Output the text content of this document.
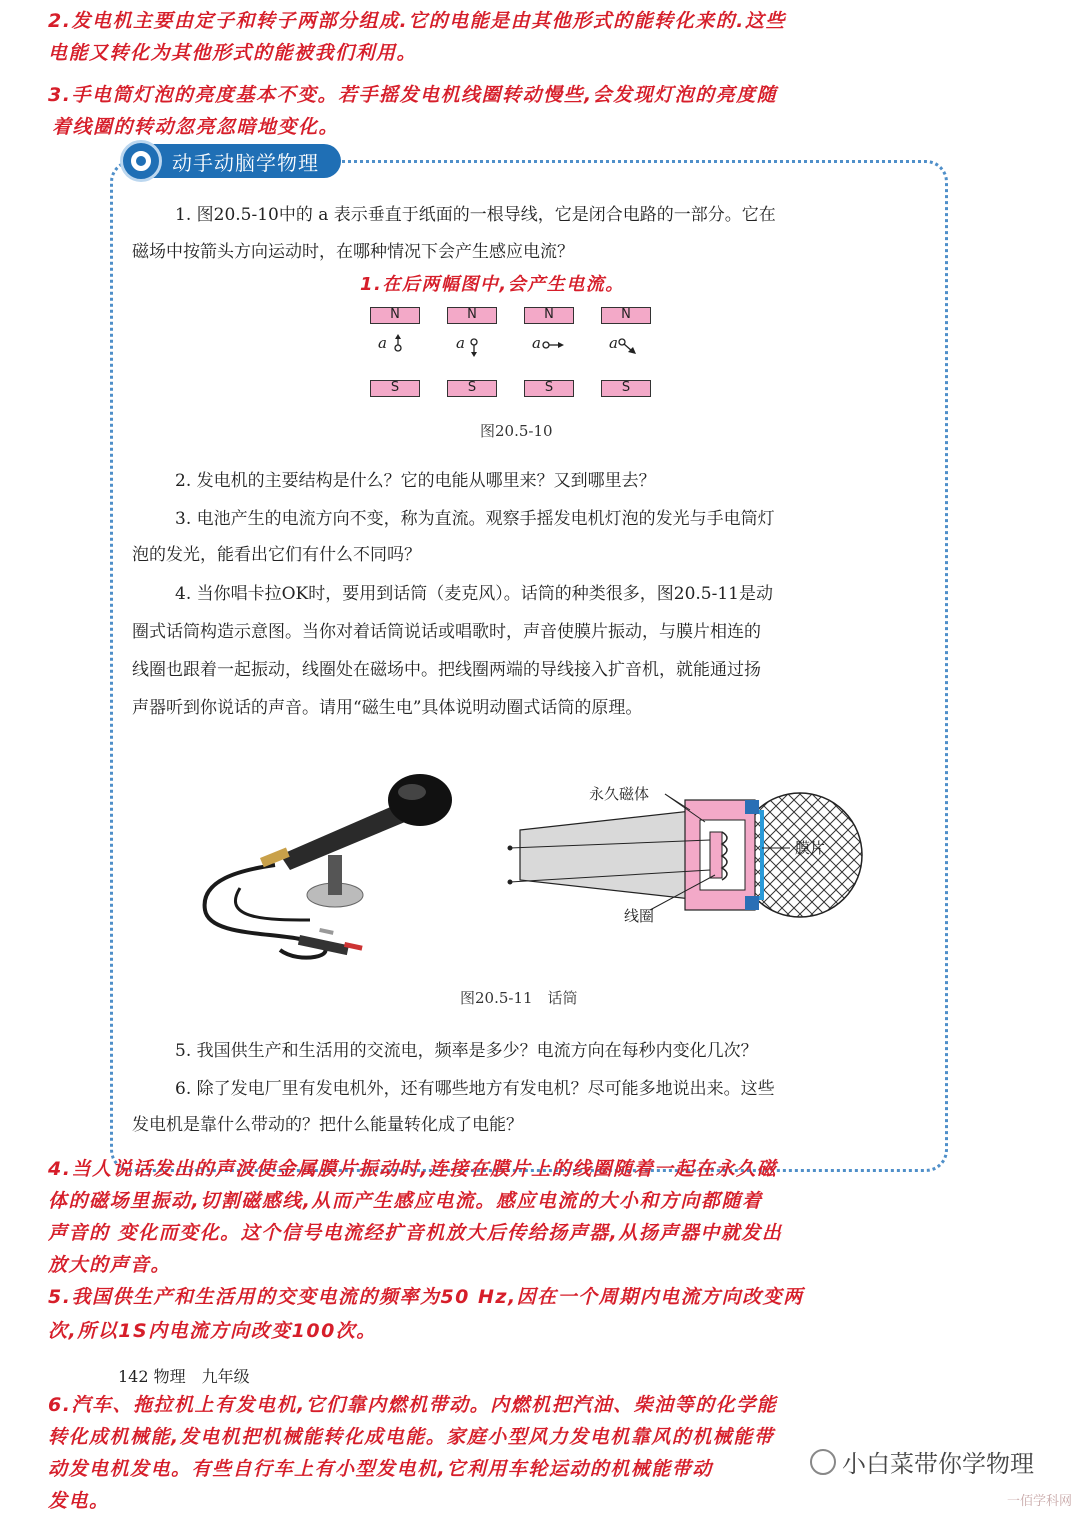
2.发电机主要由定子和转子两部分组成.它的电能是由其他形式的能转化来的.这些
电能又转化为其他形式的能被我们利用。
3.手电筒灯泡的亮度基本不变。若手摇发电机线圈转动慢些,会发现灯泡的亮度随
着线圈的转动忽亮忽暗地变化。
动手动脑学物理
1. 图20.5-10中的 a 表示垂直于纸面的一根导线，它是闭合电路的一部分。它在
磁场中按箭头方向运动时，在哪种情况下会产生感应电流？
1.在后两幅图中,会产生电流。
N	N	N	N
a	a	a	a
S	S	S	S
图20.5-10
2. 发电机的主要结构是什么？它的电能从哪里来？又到哪里去？
3. 电池产生的电流方向不变，称为直流。观察手摇发电机灯泡的发光与手电筒灯
泡的发光，能看出它们有什么不同吗？
4. 当你唱卡拉OK时，要用到话筒（麦克风）。话筒的种类很多，图20.5-11是动
圈式话筒构造示意图。当你对着话筒说话或唱歌时，声音使膜片振动，与膜片相连的
线圈也跟着一起振动，线圈处在磁场中。把线圈两端的导线接入扩音机，就能通过扬
声器听到你说话的声音。请用“磁生电”具体说明动圈式话筒的原理。
永久磁体
膜片
线圈
图20.5-11　话筒
5. 我国供生产和生活用的交流电，频率是多少？电流方向在每秒内变化几次？
6. 除了发电厂里有发电机外，还有哪些地方有发电机？尽可能多地说出来。这些
发电机是靠什么带动的？把什么能量转化成了电能？
4.当人说话发出的声波使金属膜片振动时,连接在膜片上的线圈随着一起在永久磁
体的磁场里振动,切割磁感线,从而产生感应电流。感应电流的大小和方向都随着
声音的 变化而变化。这个信号电流经扩音机放大后传给扬声器,从扬声器中就发出
放大的声音。
5.我国供生产和生活用的交变电流的频率为50 Hz,因在一个周期内电流方向改变两
次,所以1S内电流方向改变100次。
142 物理　九年级
6.汽车、拖拉机上有发电机,它们靠内燃机带动。内燃机把汽油、柴油等的化学能
转化成机械能,发电机把机械能转化成电能。家庭小型风力发电机靠风的机械能带
动发电机发电。有些自行车上有小型发电机,它利用车轮运动的机械能带动
发电。
小白菜带你学物理
一佰学科网
